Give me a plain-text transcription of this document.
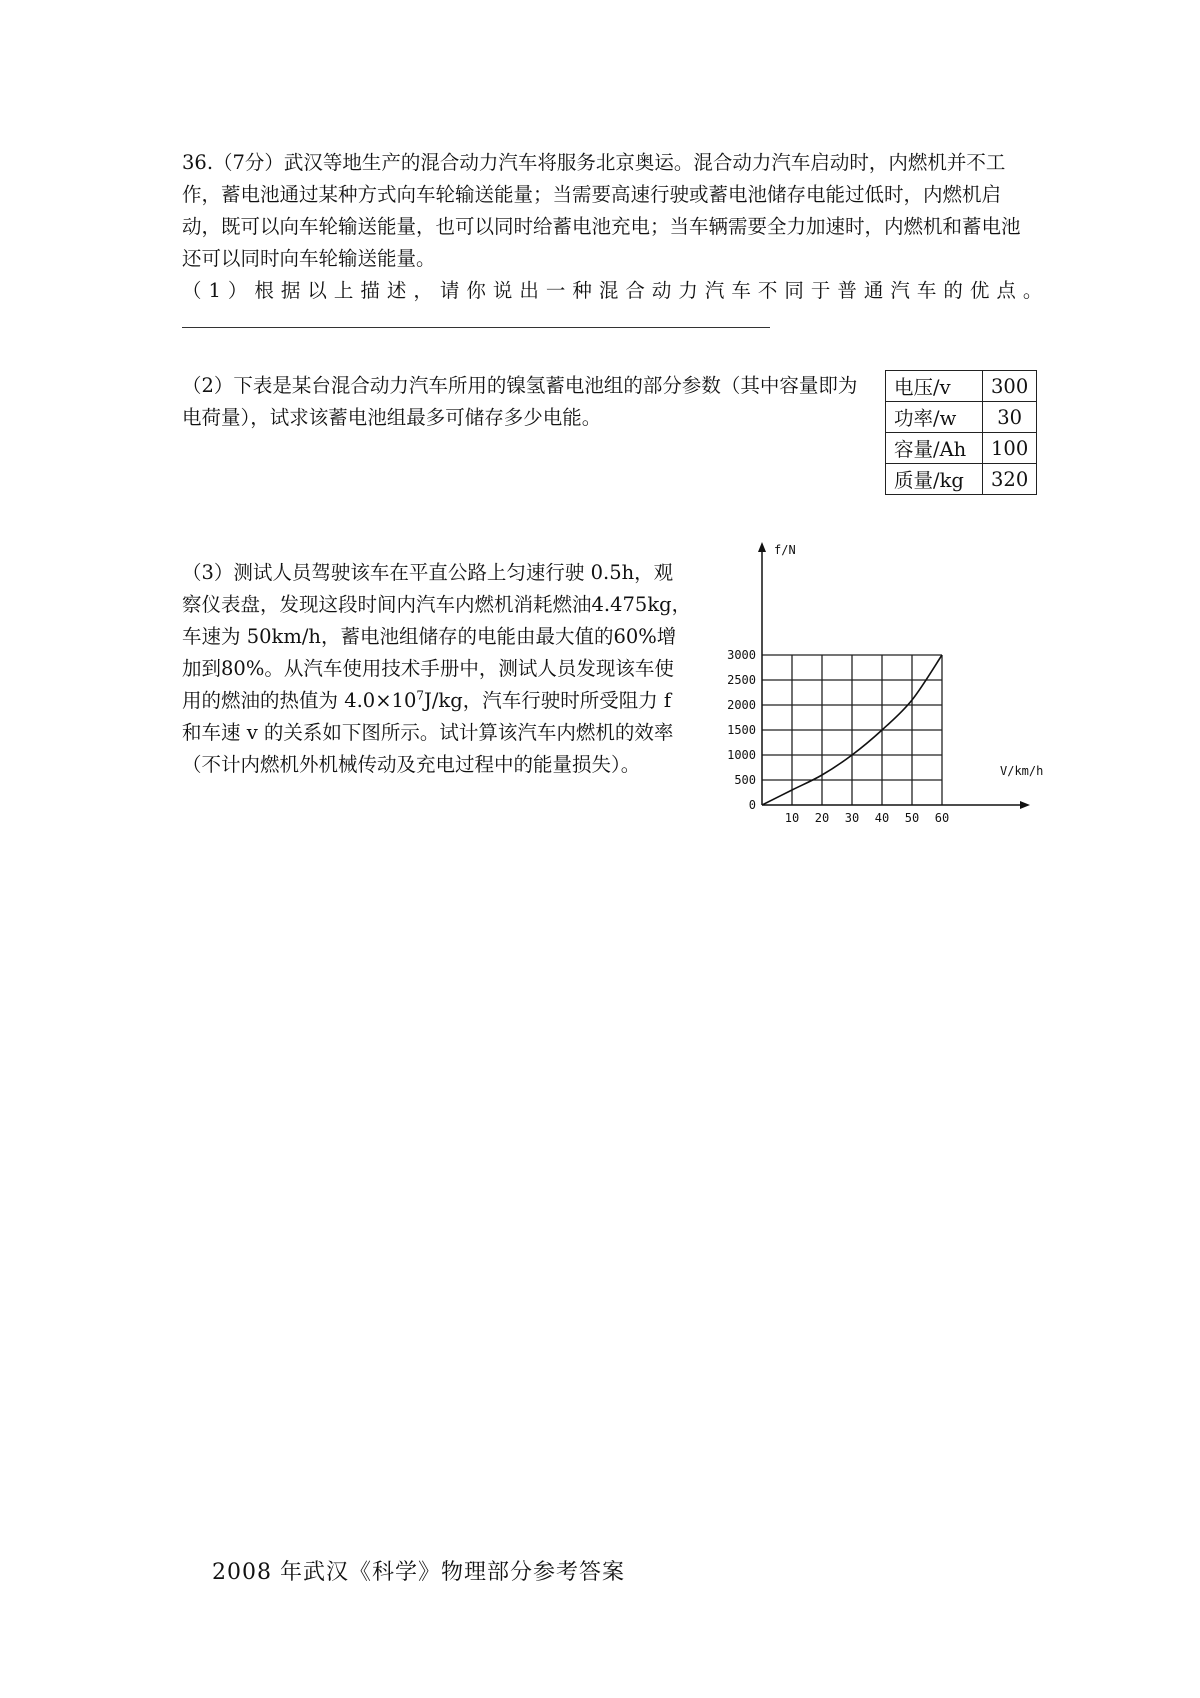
36.（7分）武汉等地生产的混合动力汽车将服务北京奥运。混合动力汽车启动时，内燃机并不工作，蓄电池通过某种方式向车轮输送能量；当需要高速行驶或蓄电池储存电能过低时，内燃机启动，既可以向车轮输送能量，也可以同时给蓄电池充电；当车辆需要全力加速时，内燃机和蓄电池还可以同时向车轮输送能量。

（1）根据以上描述，请你说出一种混合动力汽车不同于普通汽车的优点。

（2）下表是某台混合动力汽车所用的镍氢蓄电池组的部分参数（其中容量即为电荷量），试求该蓄电池组最多可储存多少电能。

电压/v	300
功率/w	30
容量/Ah	100
质量/kg	320

（3）测试人员驾驶该车在平直公路上匀速行驶 0.5h，观察仪表盘，发现这段时间内汽车内燃机消耗燃油4.475kg，车速为 50km/h，蓄电池组储存的电能由最大值的60%增加到80%。从汽车使用技术手册中，测试人员发现该车使用的燃油的热值为 $4.0\times 10^7J/kg$，汽车行驶时所受阻力 f 和车速 v 的关系如下图所示。试计算该汽车内燃机的效率（不计内燃机外机械传动及充电过程中的能量损失）。

0
500
1000
1500
2000
2500
3000
10 20 30 40 50 60
f/N
V/km/h

2008 年武汉《科学》物理部分参考答案
